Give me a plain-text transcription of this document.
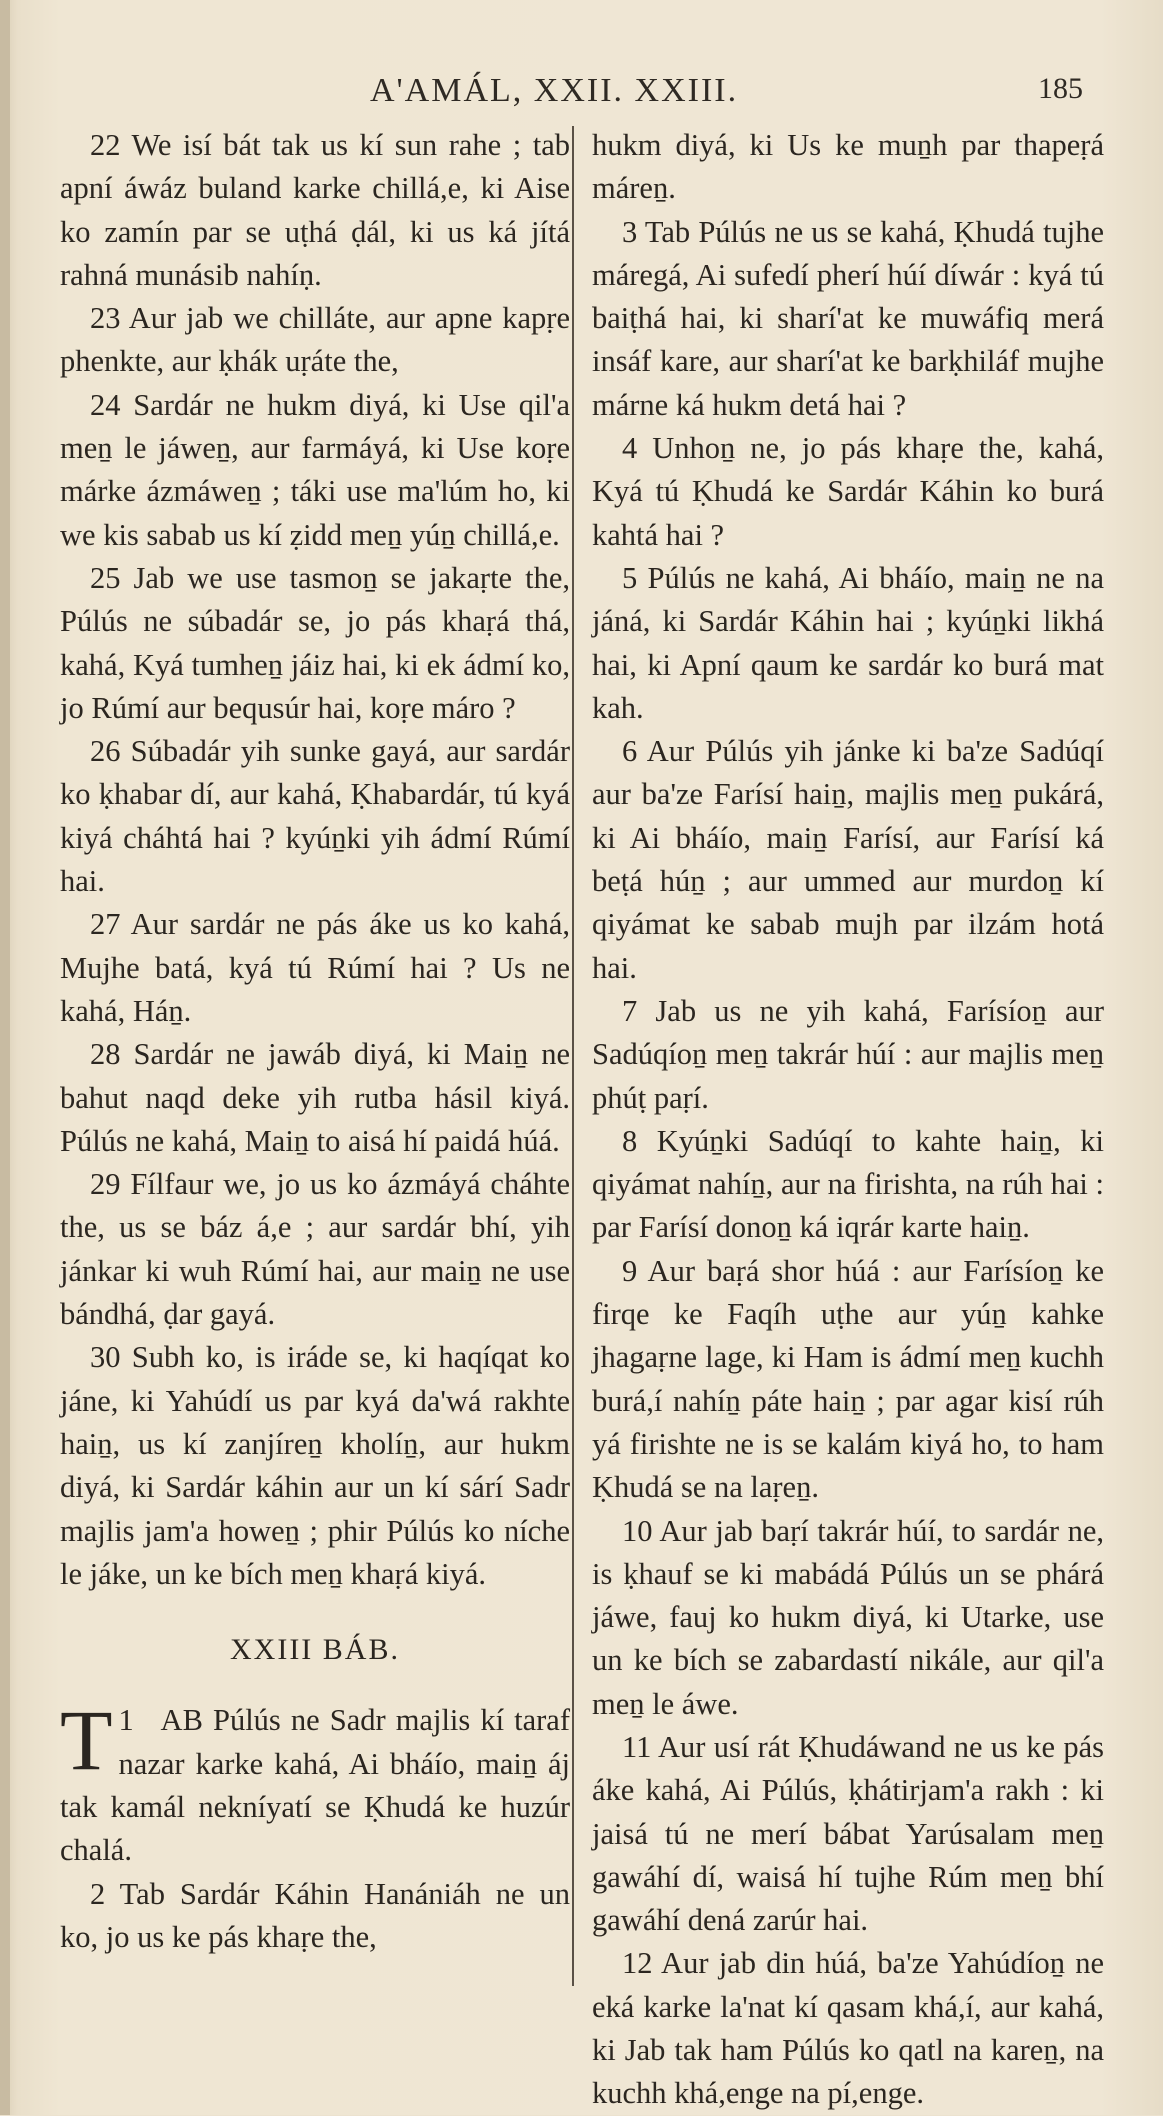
A'AMÁL, XXII. XXIII.	185

22 We isí bát tak us kí sun rahe ; tab apní áwáz buland karke chillá,e, ki Aise ko zamín par se uṭhá ḍál, ki us ká jítá rahná munásib nahíṇ.

23 Aur jab we chilláte, aur apne kapṛe phenkte, aur ḳhák uṛáte the,

24 Sardár ne hukm diyá, ki Use qil'a meṉ le jáweṉ, aur farmáyá, ki Use koṛe márke ázmáweṉ ; táki use ma'lúm ho, ki we kis sabab us kí ẓidd meṉ yúṉ chillá,e.

25 Jab we use tasmoṉ se jakaṛte the, Púlús ne súbadár se, jo pás khaṛá thá, kahá, Kyá tumheṉ jáiz hai, ki ek ádmí ko, jo Rúmí aur bequsúr hai, koṛe máro ?

26 Súbadár yih sunke gayá, aur sardár ko ḳhabar dí, aur kahá, Ḳhabardár, tú kyá kiyá cháhtá hai ? kyúṉki yih ádmí Rúmí hai.

27 Aur sardár ne pás áke us ko kahá, Mujhe batá, kyá tú Rúmí hai ? Us ne kahá, Háṉ.

28 Sardár ne jawáb diyá, ki Maiṉ ne bahut naqd deke yih rutba hásil kiyá. Púlús ne kahá, Maiṉ to aisá hí paidá húá.

29 Fílfaur we, jo us ko ázmáyá cháhte the, us se báz á,e ; aur sardár bhí, yih jánkar ki wuh Rúmí hai, aur maiṉ ne use bándhá, ḍar gayá.

30 Subh ko, is iráde se, ki haqíqat ko jáne, ki Yahúdí us par kyá da'wá rakhte haiṉ, us kí zanjíreṉ kholíṉ, aur hukm diyá, ki Sardár káhin aur un kí sárí Sadr majlis jam'a howeṉ ; phir Púlús ko níche le jáke, un ke bích meṉ khaṛá kiyá.

XXIII BÁB.

1
T AB Púlús ne Sadr majlis kí taraf nazar karke kahá, Ai bháío, maiṉ áj tak kamál nekníyatí se Ḳhudá ke huzúr chalá.

2 Tab Sardár Káhin Hanániáh ne un ko, jo us ke pás khaṛe the,

hukm diyá, ki Us ke muṉh par thapeṛá máreṉ.

3 Tab Púlús ne us se kahá, Ḳhudá tujhe máregá, Ai sufedí pherí húí díwár : kyá tú baiṭhá hai, ki sharí'at ke muwáfiq merá insáf kare, aur sharí'at ke barḳhiláf mujhe márne ká hukm detá hai ?

4 Unhoṉ ne, jo pás khaṛe the, kahá, Kyá tú Ḳhudá ke Sardár Káhin ko burá kahtá hai ?

5 Púlús ne kahá, Ai bháío, maiṉ ne na jáná, ki Sardár Káhin hai ; kyúṉki likhá hai, ki Apní qaum ke sardár ko burá mat kah.

6 Aur Púlús yih jánke ki ba'ze Sadúqí aur ba'ze Farísí haiṉ, majlis meṉ pukárá, ki Ai bháío, maiṉ Farísí, aur Farísí ká beṭá húṉ ; aur ummed aur murdoṉ kí qiyámat ke sabab mujh par ilzám hotá hai.

7 Jab us ne yih kahá, Farísíoṉ aur Sadúqíoṉ meṉ takrár húí : aur majlis meṉ phúṭ paṛí.

8 Kyúṉki Sadúqí to kahte haiṉ, ki qiyámat nahíṉ, aur na firishta, na rúh hai : par Farísí donoṉ ká iqrár karte haiṉ.

9 Aur baṛá shor húá : aur Farísíoṉ ke firqe ke Faqíh uṭhe aur yúṉ kahke jhagaṛne lage, ki Ham is ádmí meṉ kuchh burá,í nahíṉ páte haiṉ ; par agar kisí rúh yá firishte ne is se kalám kiyá ho, to ham Ḳhudá se na laṛeṉ.

10 Aur jab baṛí takrár húí, to sardár ne, is ḳhauf se ki mabádá Púlús un se phárá jáwe, fauj ko hukm diyá, ki Utarke, use un ke bích se zabardastí nikále, aur qil'a meṉ le áwe.

11 Aur usí rát Ḳhudáwand ne us ke pás áke kahá, Ai Púlús, ḳhátirjam'a rakh : ki jaisá tú ne merí bábat Yarúsalam meṉ gawáhí dí, waisá hí tujhe Rúm meṉ bhí gawáhí dená zarúr hai.

12 Aur jab din húá, ba'ze Yahúdíoṉ ne eká karke la'nat kí qasam khá,í, aur kahá, ki Jab tak ham Púlús ko qatl na kareṉ, na kuchh khá,enge na pí,enge.
